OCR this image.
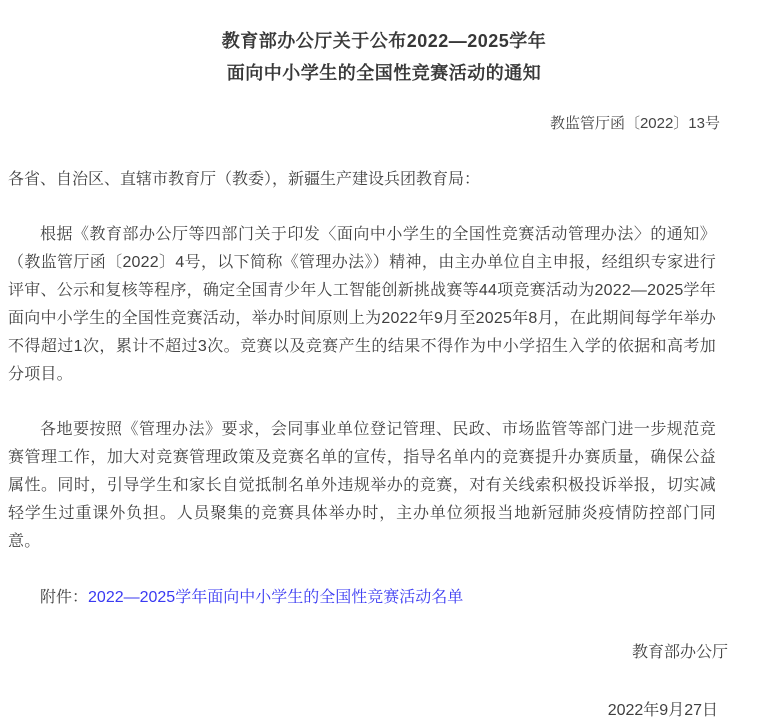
教育部办公厅关于公布2022—2025学年
面向中小学生的全国性竞赛活动的通知
教监管厅函〔2022〕13号

各省、自治区、直辖市教育厅（教委），新疆生产建设兵团教育局：

根据《教育部办公厅等四部门关于印发〈面向中小学生的全国性竞赛活动管理办法〉的通知》（教监管厅函〔2022〕4号，以下简称《管理办法》）精神，由主办单位自主申报，经组织专家进行评审、公示和复核等程序，确定全国青少年人工智能创新挑战赛等44项竞赛活动为2022—2025学年面向中小学生的全国性竞赛活动，举办时间原则上为2022年9月至2025年8月，在此期间每学年举办不得超过1次，累计不超过3次。竞赛以及竞赛产生的结果不得作为中小学招生入学的依据和高考加分项目。

各地要按照《管理办法》要求，会同事业单位登记管理、民政、市场监管等部门进一步规范竞赛管理工作，加大对竞赛管理政策及竞赛名单的宣传，指导名单内的竞赛提升办赛质量，确保公益属性。同时，引导学生和家长自觉抵制名单外违规举办的竞赛，对有关线索积极投诉举报，切实减轻学生过重课外负担。人员聚集的竞赛具体举办时，主办单位须报当地新冠肺炎疫情防控部门同意。

附件：2022—2025学年面向中小学生的全国性竞赛活动名单

教育部办公厅
2022年9月27日
